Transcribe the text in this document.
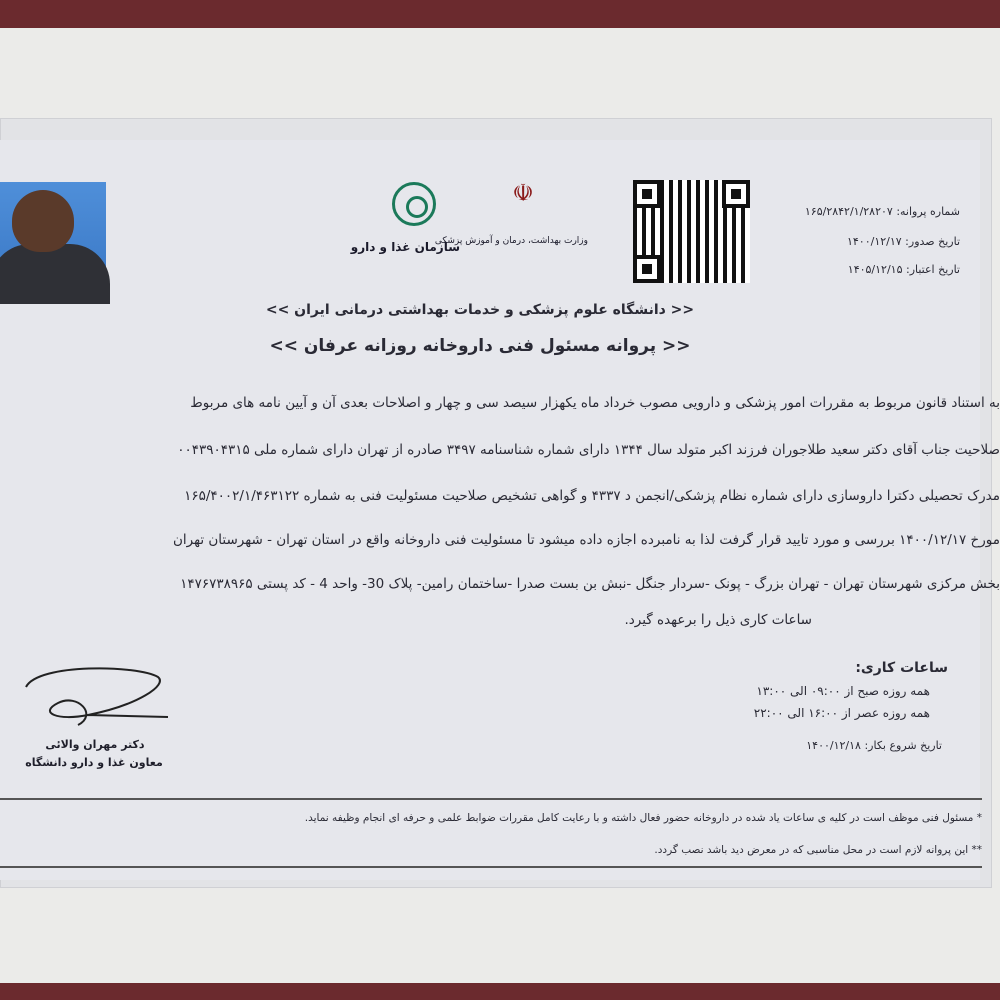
☫
سازمان غذا و دارو
وزارت بهداشت، درمان و آموزش پزشکی
شماره پروانه: ۱۶۵/۲۸۴۲/۱/۲۸۲۰۷
تاریخ صدور: ۱۴۰۰/۱۲/۱۷
تاریخ اعتبار: ۱۴۰۵/۱۲/۱۵
<< دانشگاه علوم پزشکی و خدمات بهداشتی درمانی ایران >>
<< پروانه مسئول فنی داروخانه روزانه عرفان >>
به استناد قانون مربوط به مقررات امور پزشکی و دارویی مصوب خرداد ماه یکهزار سیصد سی و چهار و اصلاحات بعدی آن و آیین نامه های مربوط
صلاحیت جناب آقای دکتر سعید طلاجوران فرزند اکبر متولد سال ۱۳۴۴ دارای شماره شناسنامه ۳۴۹۷ صادره از تهران دارای شماره ملی ۰۰۴۳۹۰۴۳۱۵
مدرک تحصیلی دکترا داروسازی دارای شماره نظام پزشکی/انجمن د ۴۳۳۷ و گواهی تشخیص صلاحیت مسئولیت فنی به شماره ۱۶۵/۴۰۰۲/۱/۴۶۳۱۲۲
مورخ ۱۴۰۰/۱۲/۱۷ بررسی و مورد تایید قرار گرفت لذا به نامبرده اجازه داده میشود تا مسئولیت فنی داروخانه واقع در استان تهران - شهرستان تهران
بخش مرکزی شهرستان تهران - تهران بزرگ - پونک -سردار جنگل -نبش بن بست صدرا -ساختمان رامین- پلاک 30- واحد 4 - کد پستی ۱۴۷۶۷۳۸۹۶۵
ساعات کاری ذیل را برعهده گیرد.
ساعات کاری:
همه روزه صبح از ۰۹:۰۰ الی ۱۳:۰۰
همه روزه عصر از ۱۶:۰۰ الی ۲۲:۰۰
تاریخ شروع بکار: ۱۴۰۰/۱۲/۱۸
دکتر مهران والائی
معاون غذا و دارو دانشگاه
* مسئول فنی موظف است در کلیه ی ساعات یاد شده در داروخانه حضور فعال داشته و با رعایت کامل مقررات ضوابط علمی و حرفه ای انجام وظیفه نماید.
** این پروانه لازم است در محل مناسبی که در معرض دید باشد نصب گردد.
